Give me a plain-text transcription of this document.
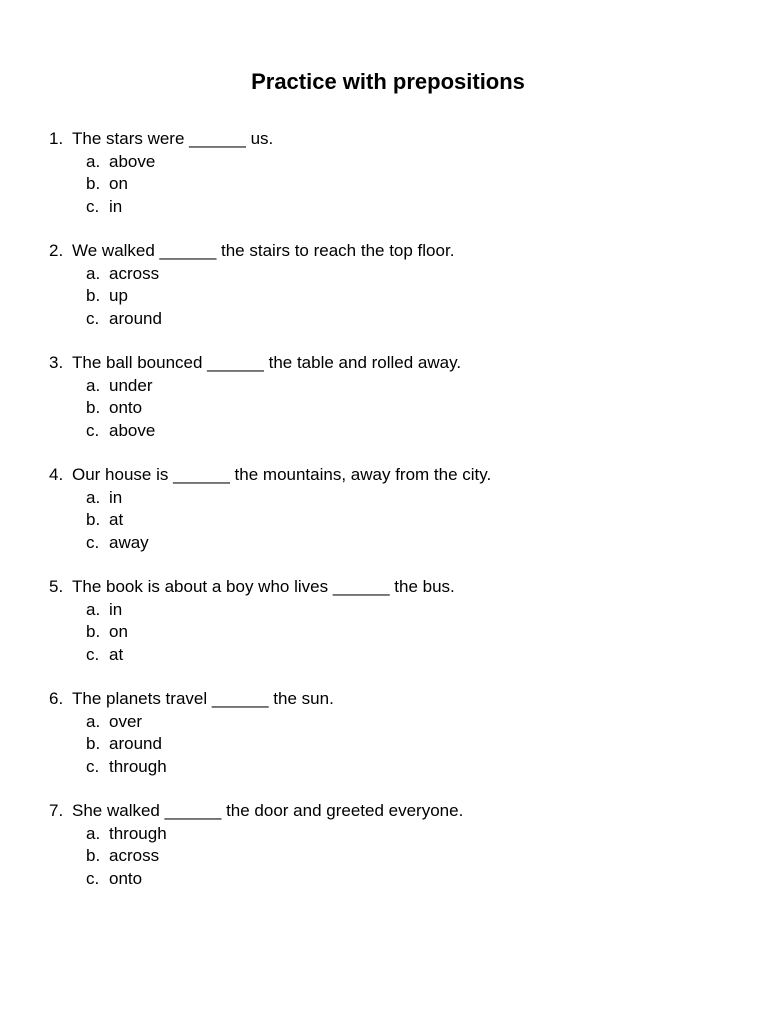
Practice with prepositions
1. The stars were ______ us.
a. above
b. on
c. in
2. We walked ______ the stairs to reach the top floor.
a. across
b. up
c. around
3. The ball bounced ______ the table and rolled away.
a. under
b. onto
c. above
4. Our house is ______ the mountains, away from the city.
a. in
b. at
c. away
5. The book is about a boy who lives ______ the bus.
a. in
b. on
c. at
6. The planets travel ______ the sun.
a. over
b. around
c. through
7. She walked ______ the door and greeted everyone.
a. through
b. across
c. onto
